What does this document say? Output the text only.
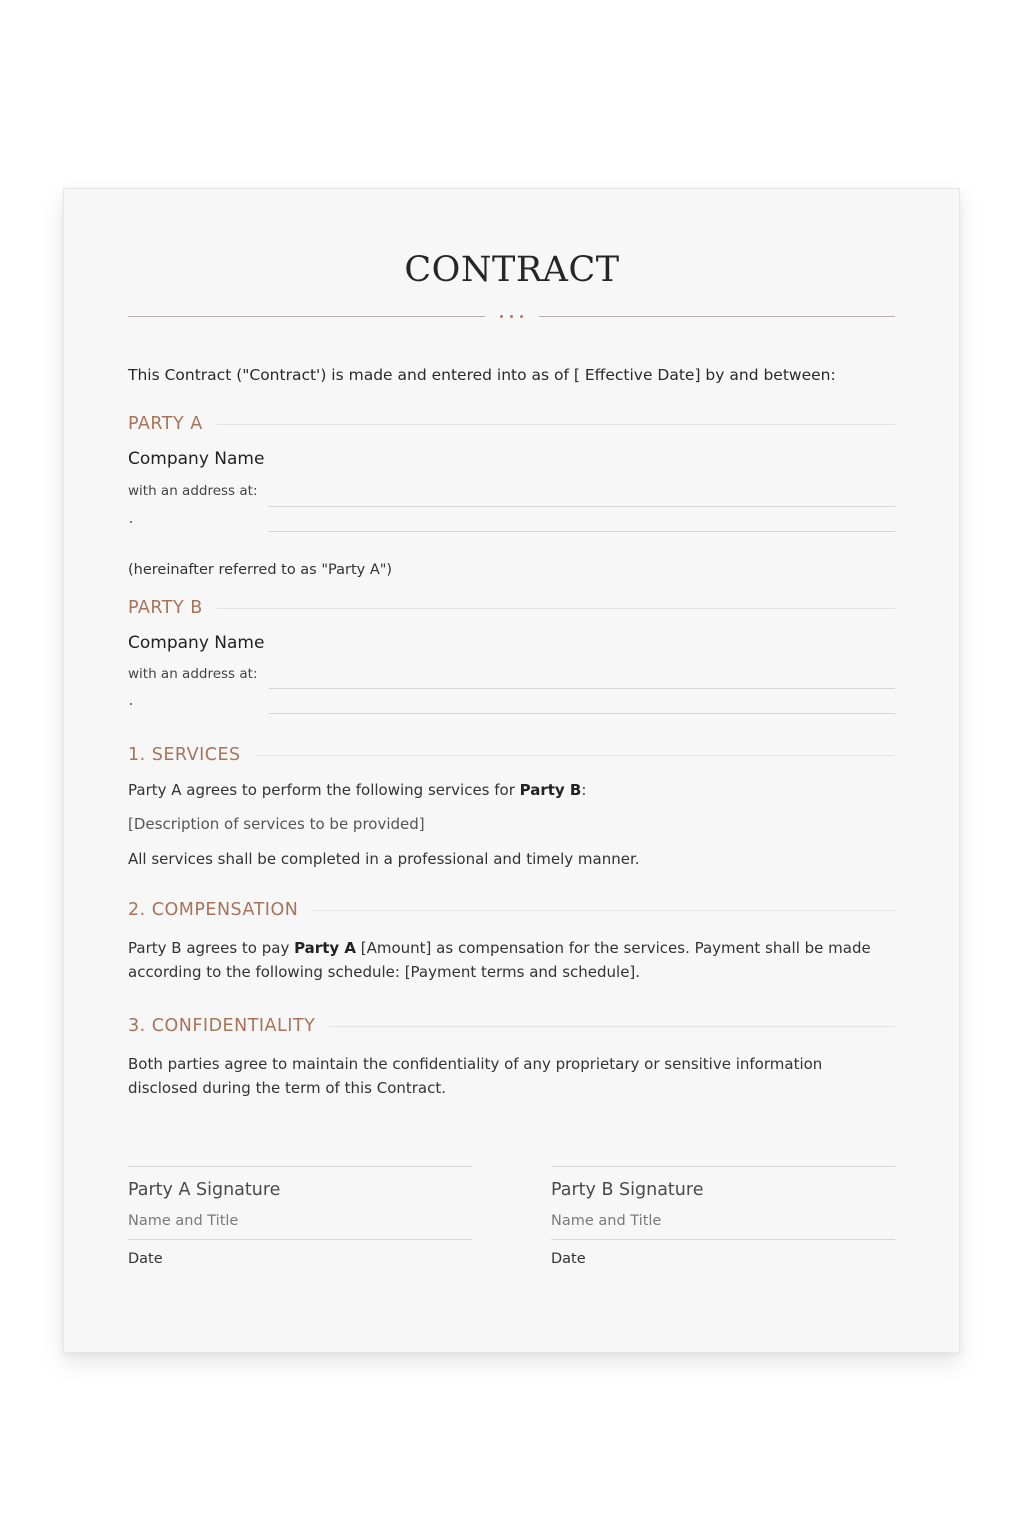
CONTRACT
This Contract ("Contract') is made and entered into as of [ Effective Date] by and between:
PARTY A
Company Name
with an address at:
(hereinafter referred to as "Party A")
PARTY B
Company Name
with an address at:
1. SERVICES
Party A agrees to perform the following services for Party B:
[Description of services to be provided]
All services shall be completed in a professional and timely manner.
2. COMPENSATION
Party B agrees to pay Party A [Amount] as compensation for the services. Payment shall be made according to the following schedule: [Payment terms and schedule].
3. CONFIDENTIALITY
Both parties agree to maintain the confidentiality of any proprietary or sensitive information disclosed during the term of this Contract.
Party A Signature
Name and Title
Date
Party B Signature
Name and Title
Date
